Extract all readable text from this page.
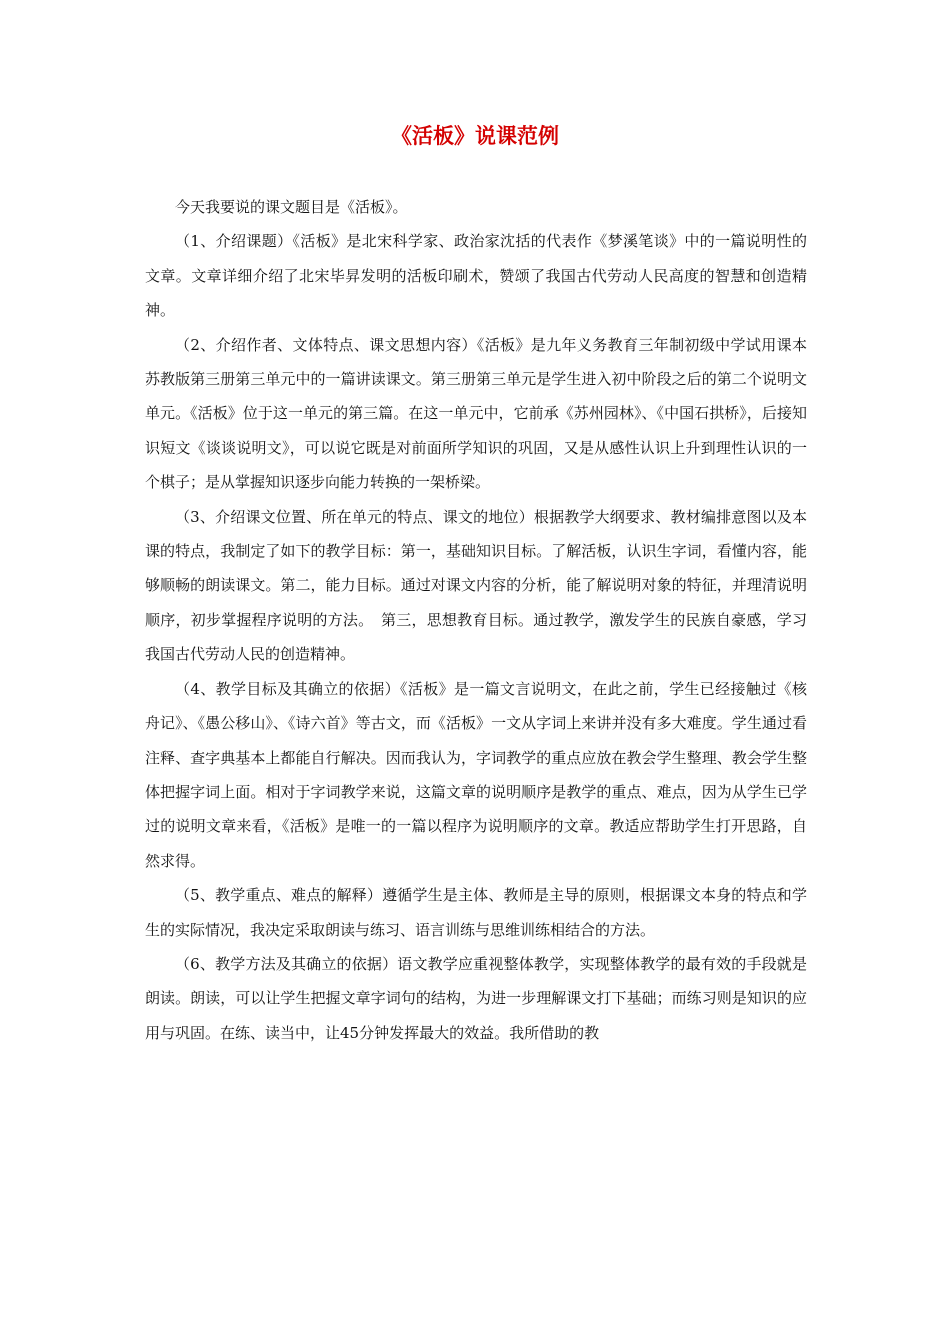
《活板》说课范例

今天我要说的课文题目是《活板》。

（1、介绍课题）《活板》是北宋科学家、政治家沈括的代表作《梦溪笔谈》中的一篇说明性的文章。文章详细介绍了北宋毕昇发明的活板印刷术，赞颂了我国古代劳动人民高度的智慧和创造精神。

（2、介绍作者、文体特点、课文思想内容）《活板》是九年义务教育三年制初级中学试用课本苏教版第三册第三单元中的一篇讲读课文。第三册第三单元是学生进入初中阶段之后的第二个说明文单元。《活板》位于这一单元的第三篇。在这一单元中，它前承《苏州园林》、《中国石拱桥》，后接知识短文《谈谈说明文》，可以说它既是对前面所学知识的巩固，又是从感性认识上升到理性认识的一个棋子；是从掌握知识逐步向能力转换的一架桥梁。

（3、介绍课文位置、所在单元的特点、课文的地位）根据教学大纲要求、教材编排意图以及本课的特点，我制定了如下的教学目标：第一，基础知识目标。了解活板，认识生字词，看懂内容，能够顺畅的朗读课文。第二，能力目标。通过对课文内容的分析，能了解说明对象的特征，并理清说明顺序，初步掌握程序说明的方法。　第三，思想教育目标。通过教学，激发学生的民族自豪感，学习我国古代劳动人民的创造精神。

（4、教学目标及其确立的依据）《活板》是一篇文言说明文，在此之前，学生已经接触过《核舟记》、《愚公移山》、《诗六首》等古文，而《活板》一文从字词上来讲并没有多大难度。学生通过看注释、查字典基本上都能自行解决。因而我认为，字词教学的重点应放在教会学生整理、教会学生整体把握字词上面。相对于字词教学来说，这篇文章的说明顺序是教学的重点、难点，因为从学生已学过的说明文章来看，《活板》是唯一的一篇以程序为说明顺序的文章。教适应帮助学生打开思路，自然求得。

（5、教学重点、难点的解释）遵循学生是主体、教师是主导的原则，根据课文本身的特点和学生的实际情况，我决定采取朗读与练习、语言训练与思维训练相结合的方法。

（6、教学方法及其确立的依据）语文教学应重视整体教学，实现整体教学的最有效的手段就是朗读。朗读，可以让学生把握文章字词句的结构，为进一步理解课文打下基础；而练习则是知识的应用与巩固。在练、读当中，让45分钟发挥最大的效益。我所借助的教
